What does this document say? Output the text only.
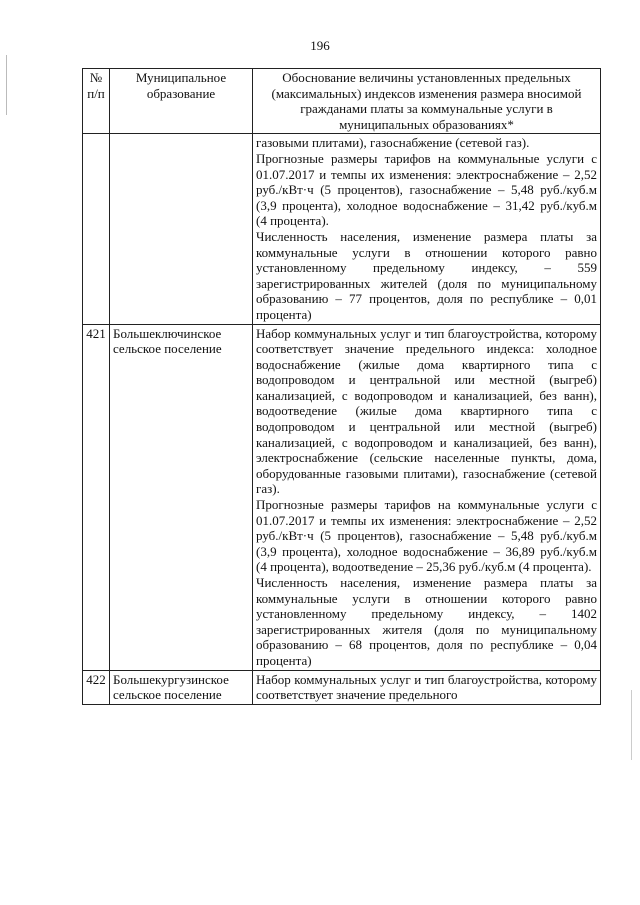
196
№ п/п	Муниципальное образование	Обоснование величины установленных предельных (максимальных) индексов изменения размера вносимой гражданами платы за коммунальные услуги в муниципальных образованиях*

		газовыми плитами), газоснабжение (сетевой газ).

Прогнозные размеры тарифов на коммунальные услуги с 01.07.2017 и темпы их изменения: электроснабжение – 2,52 руб./кВт·ч (5 процентов), газоснабжение – 5,48 руб./куб.м (3,9 процента), холодное водоснабжение – 31,42 руб./куб.м (4 процента).

Численность населения, изменение размера платы за коммунальные услуги в отношении которого равно установленному предельному индексу, – 559 зарегистрированных жителей (доля по муниципальному образованию – 77 процентов, доля по республике – 0,01 процента)

421	Большеключинское сельское поселение	Набор коммунальных услуг и тип благоустройства, которому соответствует значение предельного индекса: холодное водоснабжение (жилые дома квартирного типа с водопроводом и центральной или местной (выгреб) канализацией, с водопроводом и канализацией, без ванн), водоотведение (жилые дома квартирного типа с водопроводом и центральной или местной (выгреб) канализацией, с водопроводом и канализацией, без ванн), электроснабжение (сельские населенные пункты, дома, оборудованные газовыми плитами), газоснабжение (сетевой газ).

Прогнозные размеры тарифов на коммунальные услуги с 01.07.2017 и темпы их изменения: электроснабжение – 2,52 руб./кВт·ч (5 процентов), газоснабжение – 5,48 руб./куб.м (3,9 процента), холодное водоснабжение – 36,89 руб./куб.м (4 процента), водоотведение – 25,36 руб./куб.м (4 процента).

Численность населения, изменение размера платы за коммунальные услуги в отношении которого равно установленному предельному индексу, – 1402 зарегистрированных жителя (доля по муниципальному образованию – 68 процентов, доля по республике – 0,04 процента)

422	Большекургузинское сельское поселение	Набор коммунальных услуг и тип благоустройства, которому соответствует значение предельного
